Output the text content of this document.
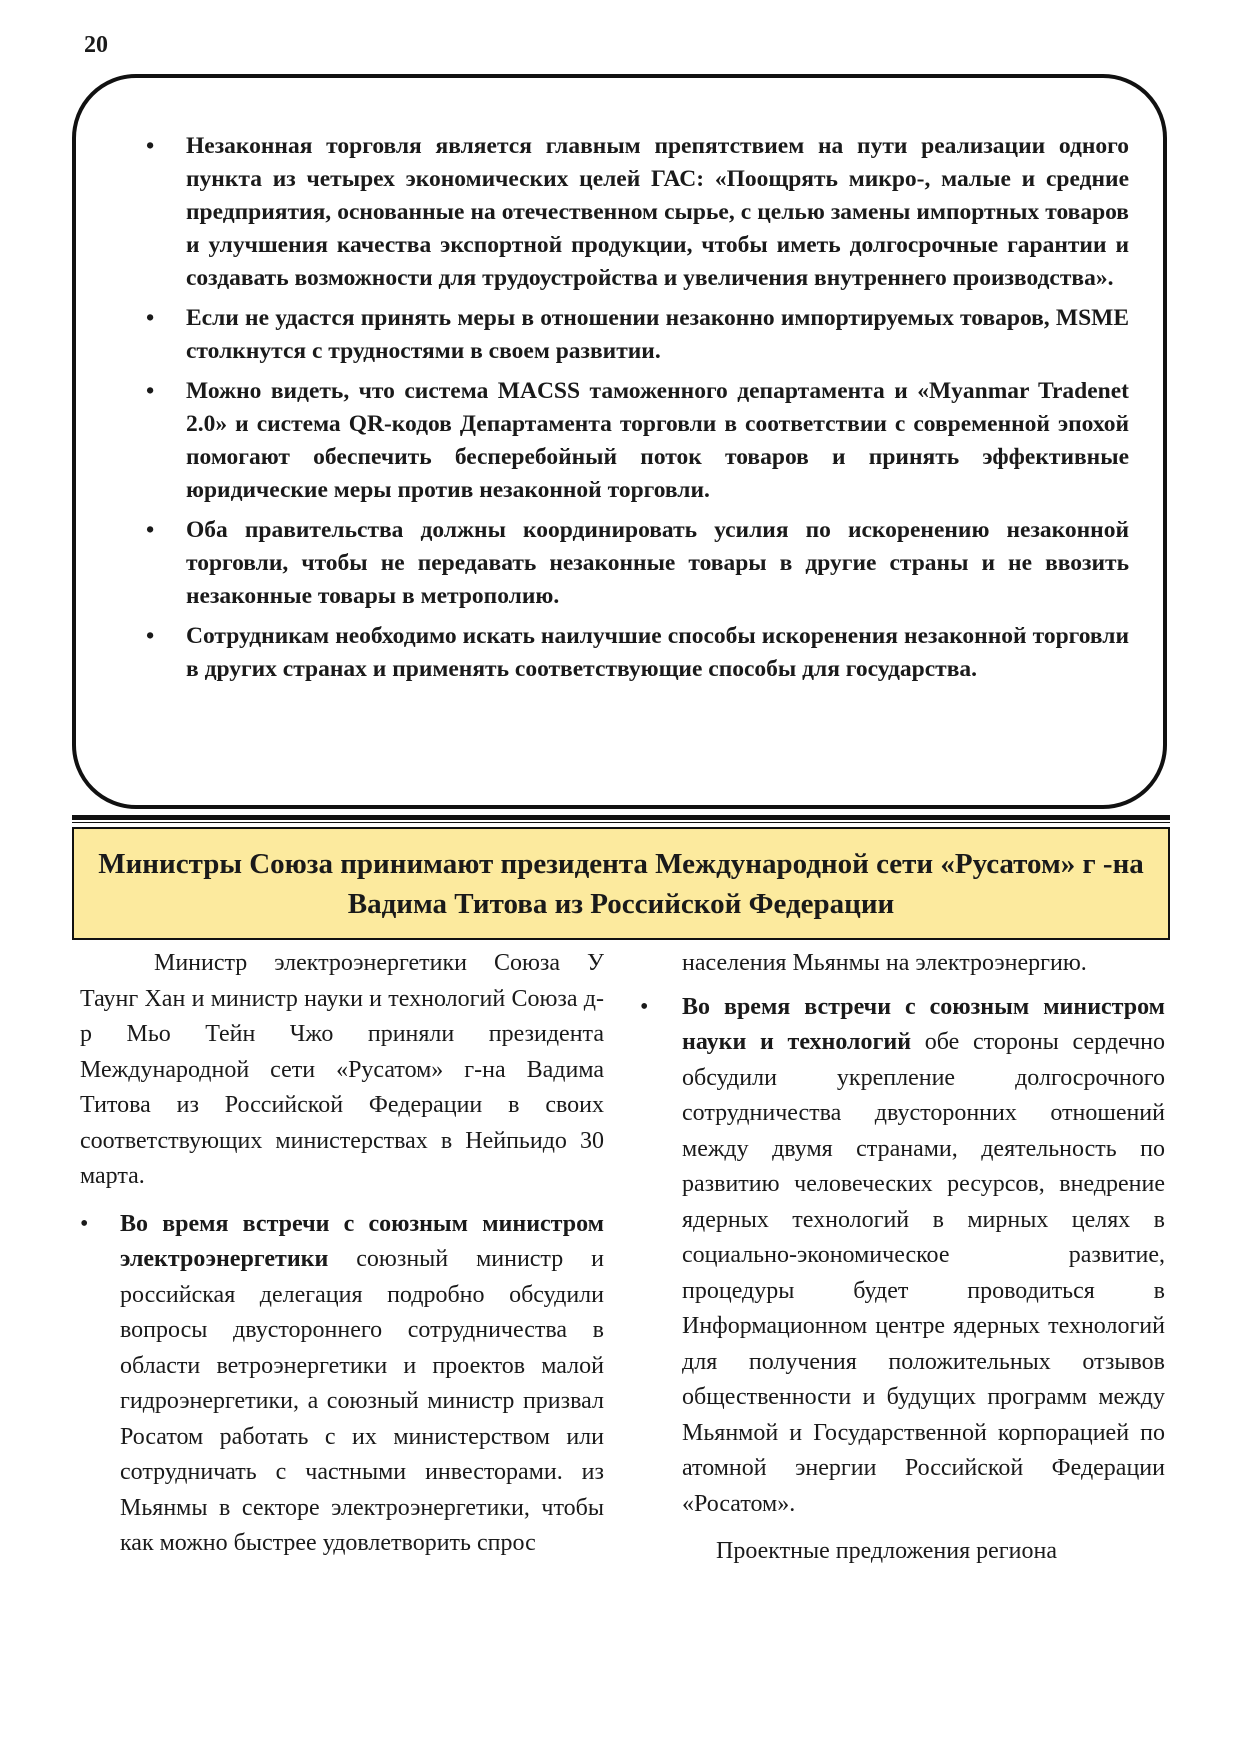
20
• Незаконная торговля является главным препятствием на пути реализации одного пункта из четырех экономических целей ГАС: «Поощрять микро-, малые и средние предприятия, основанные на отечественном сырье, с целью замены импортных товаров и улучшения качества экспортной продукции, чтобы иметь долгосрочные гарантии и создавать возможности для трудоустройства и увеличения внутреннего производства».
• Если не удастся принять меры в отношении незаконно импортируемых товаров, MSME столкнутся с трудностями в своем развитии.
• Можно видеть, что система MACSS таможенного департамента и «Myanmar Tradenet 2.0» и система QR-кодов Департамента торговли в соответствии с современной эпохой помогают обеспечить бесперебойный поток товаров и принять эффективные юридические меры против незаконной торговли.
• Оба правительства должны координировать усилия по искоренению незаконной торговли, чтобы не передавать незаконные товары в другие страны и не ввозить незаконные товары в метрополию.
• Сотрудникам необходимо искать наилучшие способы искоренения незаконной торговли в других странах и применять соответствующие способы для государства.
Министры Союза принимают президента Международной сети «Русатом» г -на Вадима Титова из Российской Федерации

Министр электроэнергетики Союза У Таунг Хан и министр науки и технологий Союза д-р Мьо Тейн Чжо приняли президента Международной сети «Русатом» г-на Вадима Титова из Российской Федерации в своих соответствующих министерствах в Нейпьидо 30 марта.

• Во время встречи с союзным министром электроэнергетики союзный министр и российская делегация подробно обсудили вопросы двустороннего сотрудничества в области ветроэнергетики и проектов малой гидроэнергетики, а союзный министр призвал Росатом работать с их министерством или сотрудничать с частными инвесторами. из Мьянмы в секторе электроэнергетики, чтобы как можно быстрее удовлетворить спрос

населения Мьянмы на электроэнергию.

• Во время встречи с союзным министром науки и технологий обе стороны сердечно обсудили укрепление долгосрочного сотрудничества двусторонних отношений между двумя странами, деятельность по развитию человеческих ресурсов, внедрение ядерных технологий в мирных целях в социально-экономическое развитие, процедуры будет проводиться в Информационном центре ядерных технологий для получения положительных отзывов общественности и будущих программ между Мьянмой и Государственной корпорацией по атомной энергии Российской Федерации «Росатом».

Проектные предложения региона
